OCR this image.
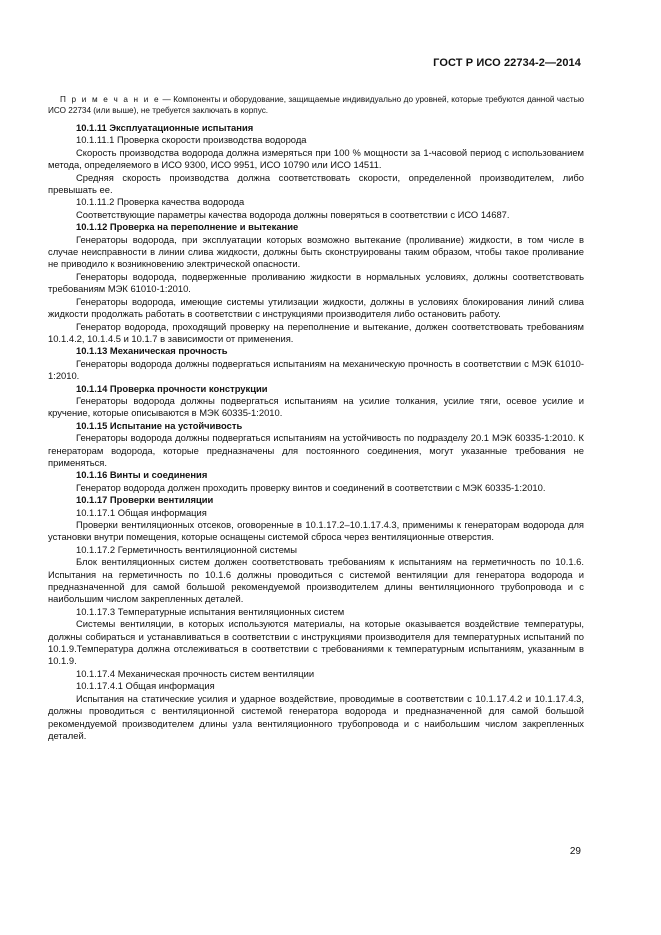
ГОСТ Р ИСО 22734-2—2014

П р и м е ч а н и е — Компоненты и оборудование, защищаемые индивидуально до уровней, которые требуются данной частью ИСО 22734 (или выше), не требуется заключать в корпус.

10.1.11 Эксплуатационные испытания

10.1.11.1 Проверка скорости производства водорода

Скорость производства водорода должна измеряться при 100 % мощности за 1-часовой период с использованием метода, определяемого в ИСО 9300, ИСО 9951, ИСО 10790 или ИСО 14511.

Средняя скорость производства должна соответствовать скорости, определенной производителем, либо превышать ее.

10.1.11.2 Проверка качества водорода

Соответствующие параметры качества водорода должны поверяться в соответствии с ИСО 14687.

10.1.12 Проверка на переполнение и вытекание

Генераторы водорода, при эксплуатации которых возможно вытекание (проливание) жидкости, в том числе в случае неисправности в линии слива жидкости, должны быть сконструированы таким образом, чтобы такое проливание не приводило к возникновению электрической опасности.

Генераторы водорода, подверженные проливанию жидкости в нормальных условиях, должны соответствовать требованиям МЭК 61010-1:2010.

Генераторы водорода, имеющие системы утилизации жидкости, должны в условиях блокирования линий слива жидкости продолжать работать в соответствии с инструкциями производителя либо остановить работу.

Генератор водорода, проходящий проверку на переполнение и вытекание, должен соответствовать требованиям 10.1.4.2, 10.1.4.5 и 10.1.7 в зависимости от применения.

10.1.13 Механическая прочность

Генераторы водорода должны подвергаться испытаниям на механическую прочность в соответствии с МЭК 61010-1:2010.

10.1.14 Проверка прочности конструкции

Генераторы водорода должны подвергаться испытаниям на усилие толкания, усилие тяги, осевое усилие и кручение, которые описываются в МЭК 60335-1:2010.

10.1.15 Испытание на устойчивость

Генераторы водорода должны подвергаться испытаниям на устойчивость по подразделу 20.1 МЭК 60335-1:2010. К генераторам водорода, которые предназначены для постоянного соединения, могут указанные требования не применяться.

10.1.16 Винты и соединения

Генератор водорода должен проходить проверку винтов и соединений в соответствии с МЭК 60335-1:2010.

10.1.17 Проверки вентиляции

10.1.17.1 Общая информация

Проверки вентиляционных отсеков, оговоренные в 10.1.17.2–10.1.17.4.3, применимы к генераторам водорода для установки внутри помещения, которые оснащены системой сброса через вентиляционные отверстия.

10.1.17.2 Герметичность вентиляционной системы

Блок вентиляционных систем должен соответствовать требованиям к испытаниям на герметичность по 10.1.6. Испытания на герметичность по 10.1.6 должны проводиться с системой вентиляции для генератора водорода и предназначенной для самой большой рекомендуемой производителем длины вентиляционного трубопровода и с наибольшим числом закрепленных деталей.

10.1.17.3 Температурные испытания вентиляционных систем

Системы вентиляции, в которых используются материалы, на которые оказывается воздействие температуры, должны собираться и устанавливаться в соответствии с инструкциями производителя для температурных испытаний по 10.1.9.Температура должна отслеживаться в соответствии с требованиями к температурным испытаниям, указанным в 10.1.9.

10.1.17.4 Механическая прочность систем вентиляции

10.1.17.4.1 Общая информация

Испытания на статические усилия и ударное воздействие, проводимые в соответствии с 10.1.17.4.2 и 10.1.17.4.3, должны проводиться с вентиляционной системой генератора водорода и предназначенной для самой большой рекомендуемой производителем длины узла вентиляционного трубопровода и с наибольшим числом закрепленных деталей.

29
